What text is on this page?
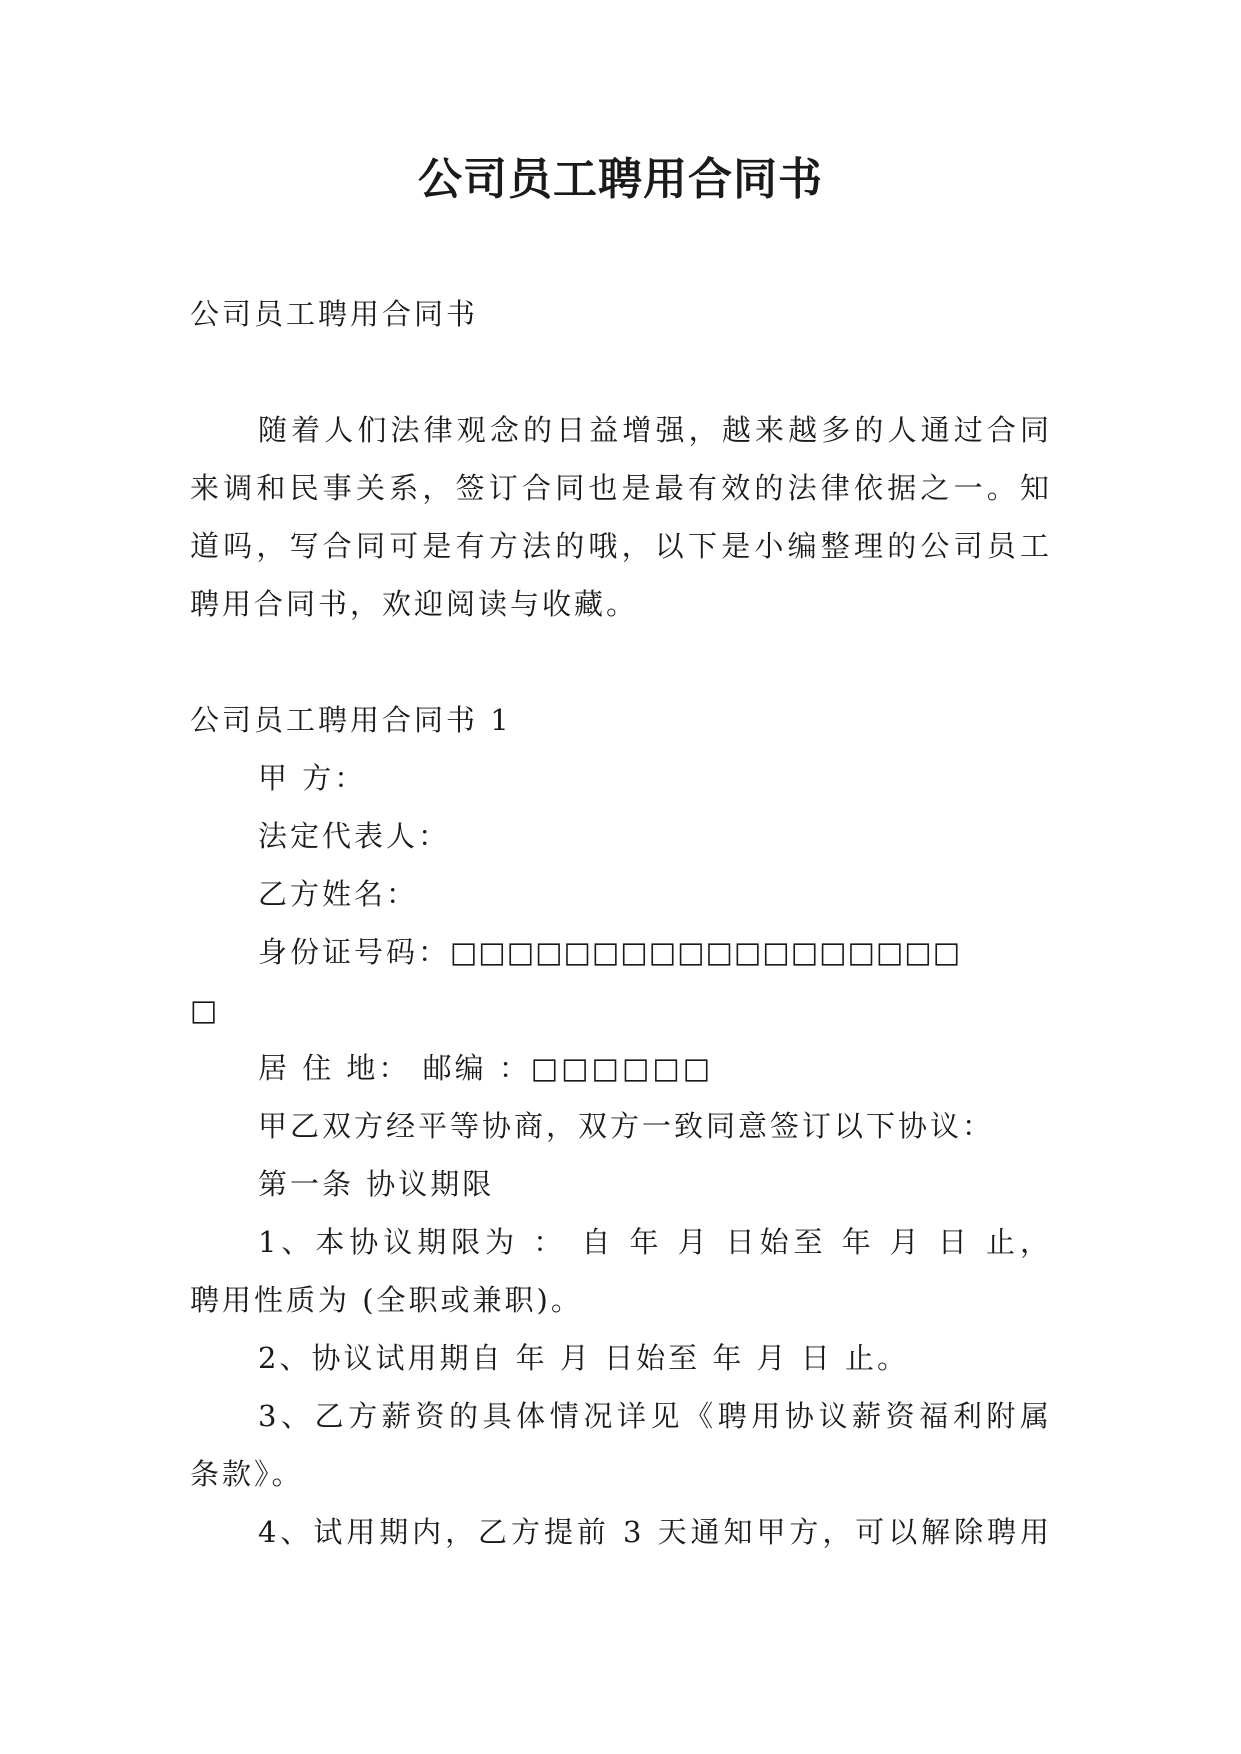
公司员工聘用合同书
公司员工聘用合同书
随着人们法律观念的日益增强，越来越多的人通过合同
来调和民事关系，签订合同也是最有效的法律依据之一。知
道吗，写合同可是有方法的哦，以下是小编整理的公司员工
聘用合同书，欢迎阅读与收藏。
公司员工聘用合同书 1
甲 方：
法定代表人：
乙方姓名：
身份证号码：□□□□□□□□□□□□□□□□□□
□
居 住 地： 邮编 ：□□□□□□
甲乙双方经平等协商，双方一致同意签订以下协议：
第一条 协议期限
1、本协议期限为 ： 自 年 月 日始至 年 月 日 止，
聘用性质为 (全职或兼职)。
2、协议试用期自 年 月 日始至 年 月 日 止。
3、乙方薪资的具体情况详见《聘用协议薪资福利附属
条款》。
4、试用期内，乙方提前 3 天通知甲方，可以解除聘用
